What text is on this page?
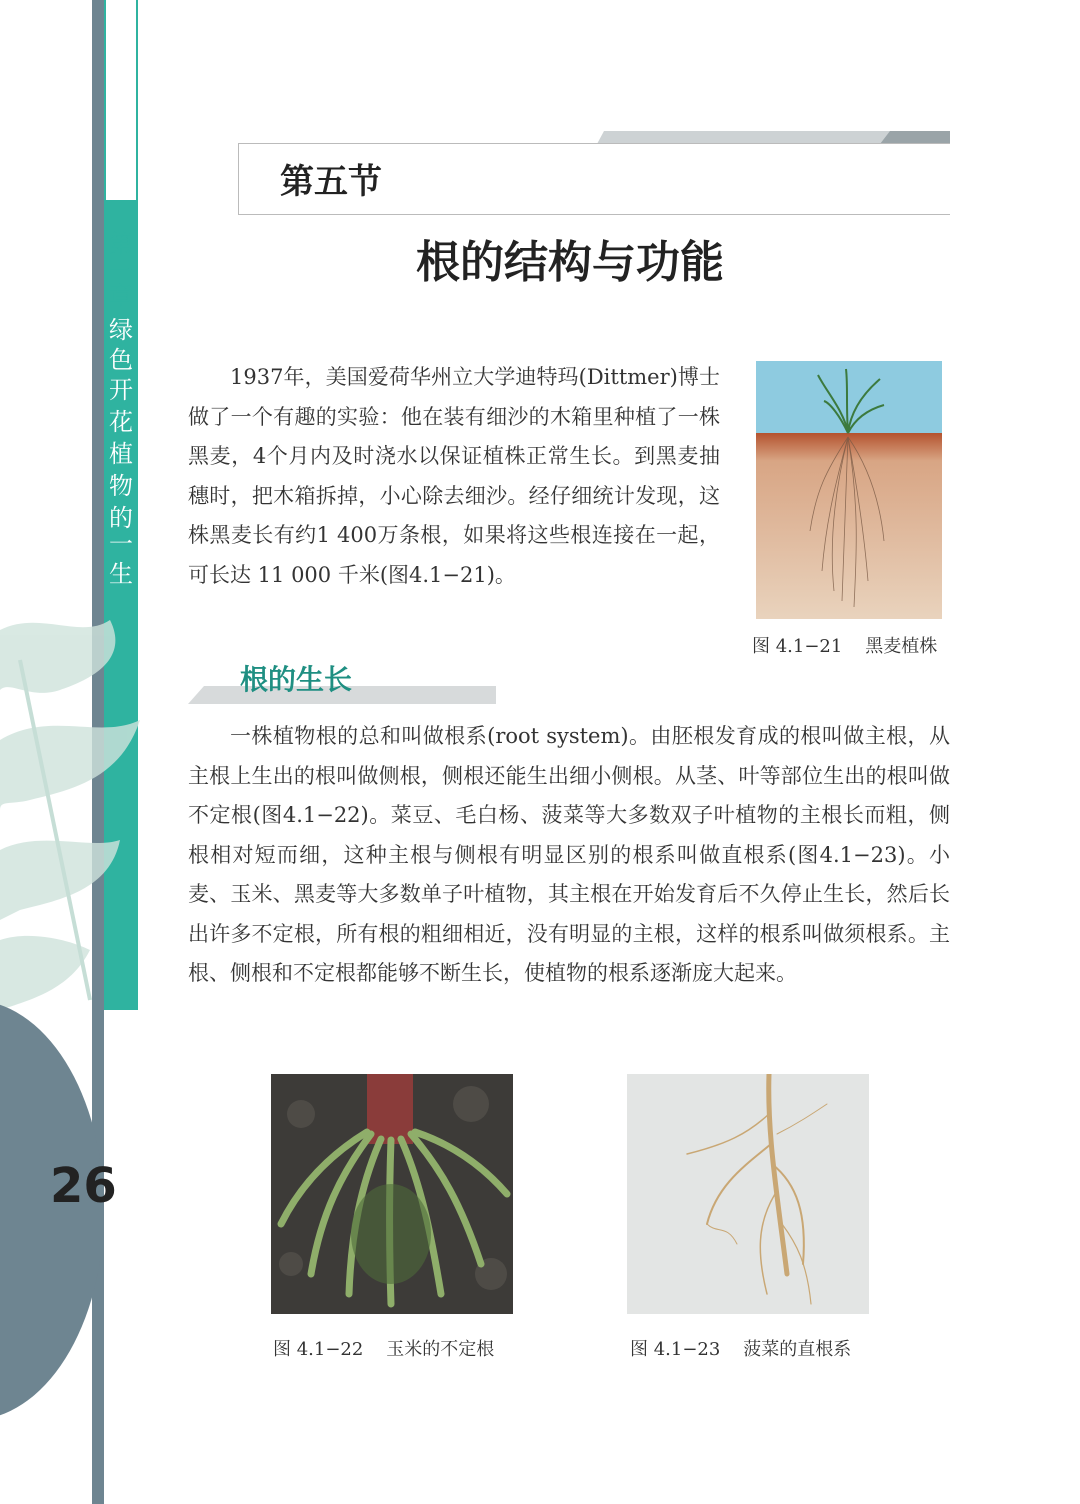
第
一
章
绿
色
开
花
植
物
的
一
生
26
第五节
根的结构与功能
1937年，美国爱荷华州立大学迪特玛(Dittmer)博士做了一个有趣的实验：他在装有细沙的木箱里种植了一株黑麦，4个月内及时浇水以保证植株正常生长。到黑麦抽穗时，把木箱拆掉，小心除去细沙。经仔细统计发现，这株黑麦长有约1 400万条根，如果将这些根连接在一起，可长达 11 000 千米(图4.1−21)。
图 4.1−21    黑麦植株
根的生长
一株植物根的总和叫做根系(root system)。由胚根发育成的根叫做主根，从主根上生出的根叫做侧根，侧根还能生出细小侧根。从茎、叶等部位生出的根叫做不定根(图4.1−22)。菜豆、毛白杨、菠菜等大多数双子叶植物的主根长而粗，侧根相对短而细，这种主根与侧根有明显区别的根系叫做直根系(图4.1−23)。小麦、玉米、黑麦等大多数单子叶植物，其主根在开始发育后不久停止生长，然后长出许多不定根，所有根的粗细相近，没有明显的主根，这样的根系叫做须根系。主根、侧根和不定根都能够不断生长，使植物的根系逐渐庞大起来。
图 4.1−22    玉米的不定根	图 4.1−23    菠菜的直根系
